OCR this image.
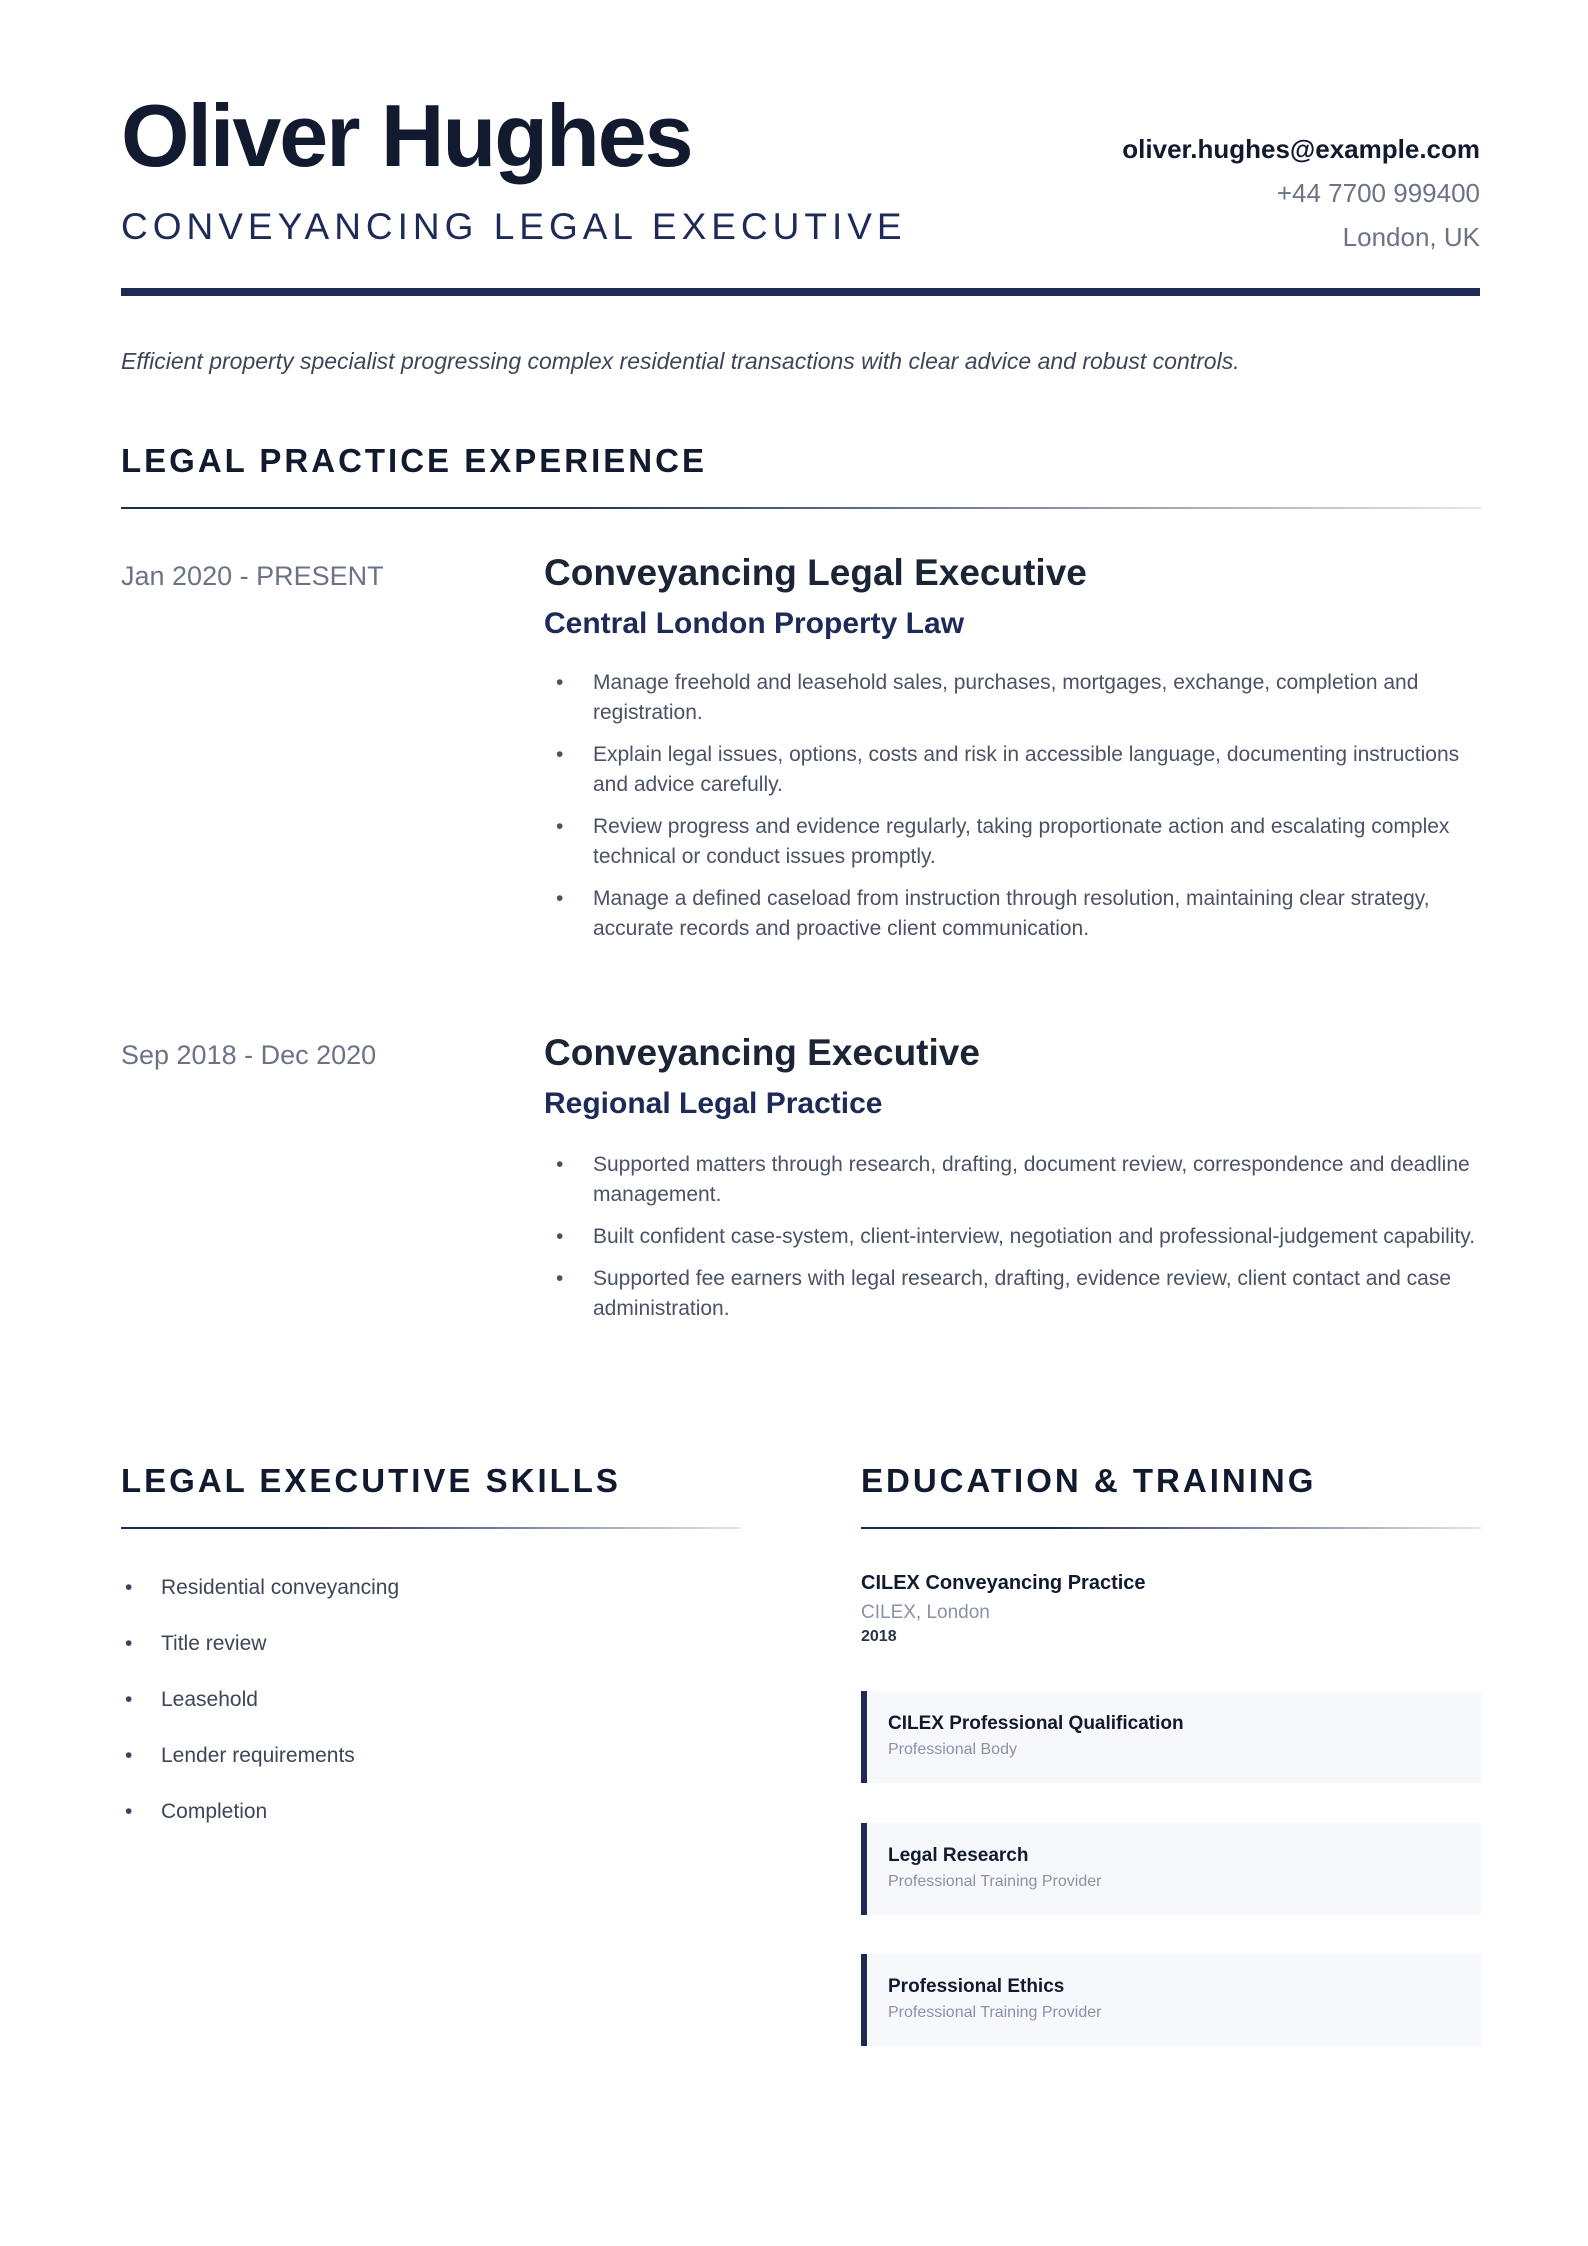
Oliver Hughes
CONVEYANCING LEGAL EXECUTIVE
oliver.hughes@example.com
+44 7700 999400
London, UK
Efficient property specialist progressing complex residential transactions with clear advice and robust controls.
LEGAL PRACTICE EXPERIENCE
Jan 2020 - PRESENT	Conveyancing Legal Executive
Central London Property Law
• Manage freehold and leasehold sales, purchases, mortgages, exchange, completion and registration.
• Explain legal issues, options, costs and risk in accessible language, documenting instructions and advice carefully.
• Review progress and evidence regularly, taking proportionate action and escalating complex technical or conduct issues promptly.
• Manage a defined caseload from instruction through resolution, maintaining clear strategy, accurate records and proactive client communication.
Sep 2018 - Dec 2020	Conveyancing Executive
Regional Legal Practice
• Supported matters through research, drafting, document review, correspondence and deadline management.
• Built confident case-system, client-interview, negotiation and professional-judgement capability.
• Supported fee earners with legal research, drafting, evidence review, client contact and case administration.
LEGAL EXECUTIVE SKILLS
• Residential conveyancing
• Title review
• Leasehold
• Lender requirements
• Completion
EDUCATION & TRAINING
CILEX Conveyancing Practice
CILEX, London
2018
CILEX Professional Qualification
Professional Body
Legal Research
Professional Training Provider
Professional Ethics
Professional Training Provider
